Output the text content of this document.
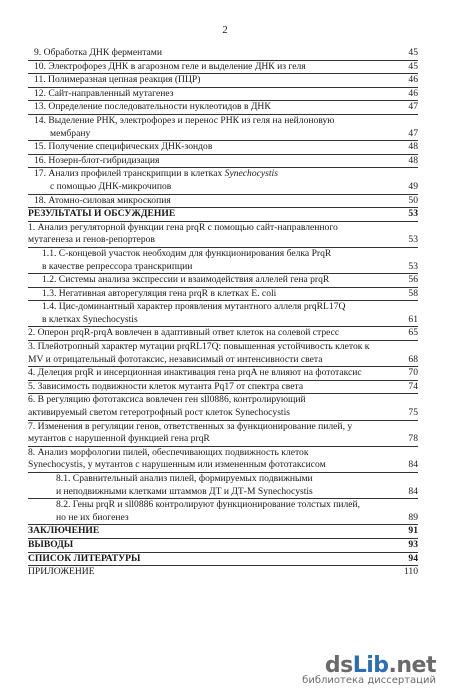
2
9. Обработка ДНК ферментами	45
10. Электрофорез ДНК в агарозном геле и выделение ДНК из геля	45
11. Полимеразная цепная реакция (ПЦР)	46
12. Сайт-направленный мутагенез	46
13. Определение последовательности нуклеотидов в ДНК	47
14. Выделение РНК, электрофорез и перенос РНК из геля на нейлоновую
мембрану	47
15. Получение специфических ДНК-зондов	48
16. Нозерн-блот-гибридизация	48
17. Анализ профилей транскрипции в клетках Synechocystis
с помощью ДНК-микрочипов	49
18. Атомно-силовая микроскопия	50
РЕЗУЛЬТАТЫ И ОБСУЖДЕНИЕ	53
1. Анализ регуляторной функции гена prqR с помощью сайт-направленного
мутагенеза и генов-репортеров	53
1.1. С-концевой участок необходим для функционирования белка PrqR
в качестве репрессора транскрипции	53
1.2. Системы анализа экспрессии и взаимодействия аллелей гена prqR	56
1.3. Негативная авторегуляция гена prqR в клетках E. coli	58
1.4. Цис-доминантный характер проявления мутантного аллеля prqRL17Q
в клетках Synechocystis	61
2. Оперон prqR-prqA вовлечен в адаптивный ответ клеток на солевой стресс	65
3. Плейотропный характер мутации prqRL17Q: повышенная устойчивость клеток к
MV и отрицательный фототаксис, независимый от интенсивности света	68
4. Делеция prqR и инсерционная инактивация гена prqA не влияют на фототаксис	70
5. Зависимость подвижности клеток мутанта Pq17 от спектра света	74
6. В регуляцию фототаксиса вовлечен ген sll0886, контролирующий
активируемый светом гетеротрофный рост клеток Synechocystis	75
7. Изменения в регуляции генов, ответственных за функционирование пилей, у
мутантов с нарушенной функцией гена prqR	78
8. Анализ морфологии пилей, обеспечивающих подвижность клеток
Synechocystis, у мутантов с нарушенным или измененным фототаксисом	84
8.1. Сравнительный анализ пилей, формируемых подвижными
и неподвижными клетками штаммов ДТ и ДТ-М Synechocystis	84
8.2. Гены prqR и sll0886 контролируют функционирование толстых пилей,
но не их биогенез	89
ЗАКЛЮЧЕНИЕ	91
ВЫВОДЫ	93
СПИСОК ЛИТЕРАТУРЫ	94
ПРИЛОЖЕНИЕ	110
dsLib.net
библиотека диссертаций
